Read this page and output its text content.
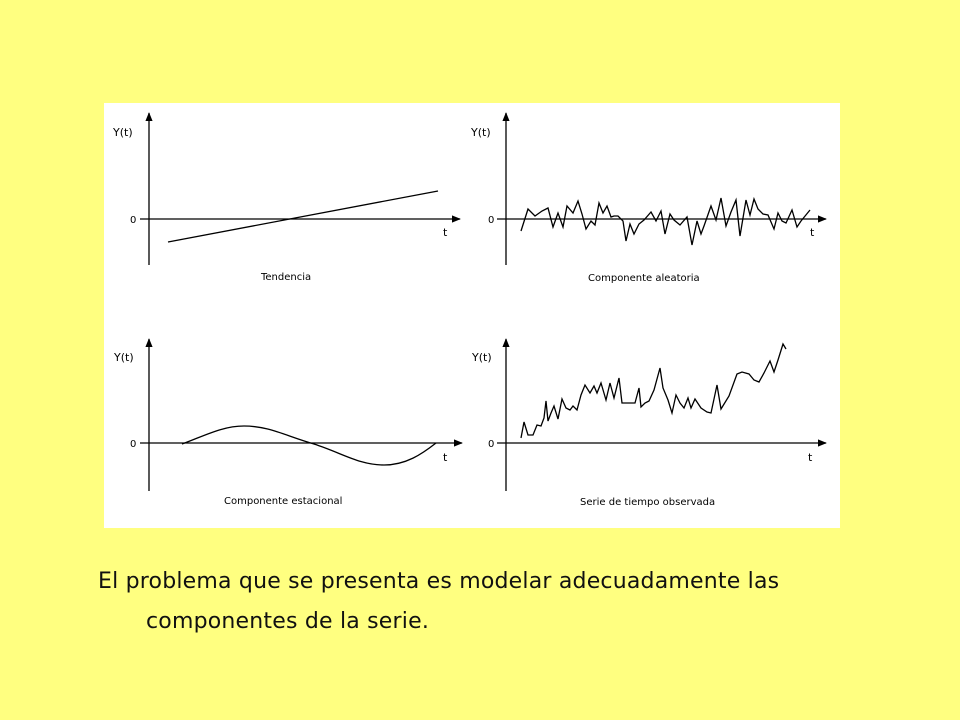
Y(t)
0
t
Tendencia
Y(t)
0
t
Componente aleatoria
Y(t)
0
t
Componente estacional
Y(t)
0
t
Serie de tiempo observada
El problema que se presenta es modelar adecuadamente las
componentes de la serie.
